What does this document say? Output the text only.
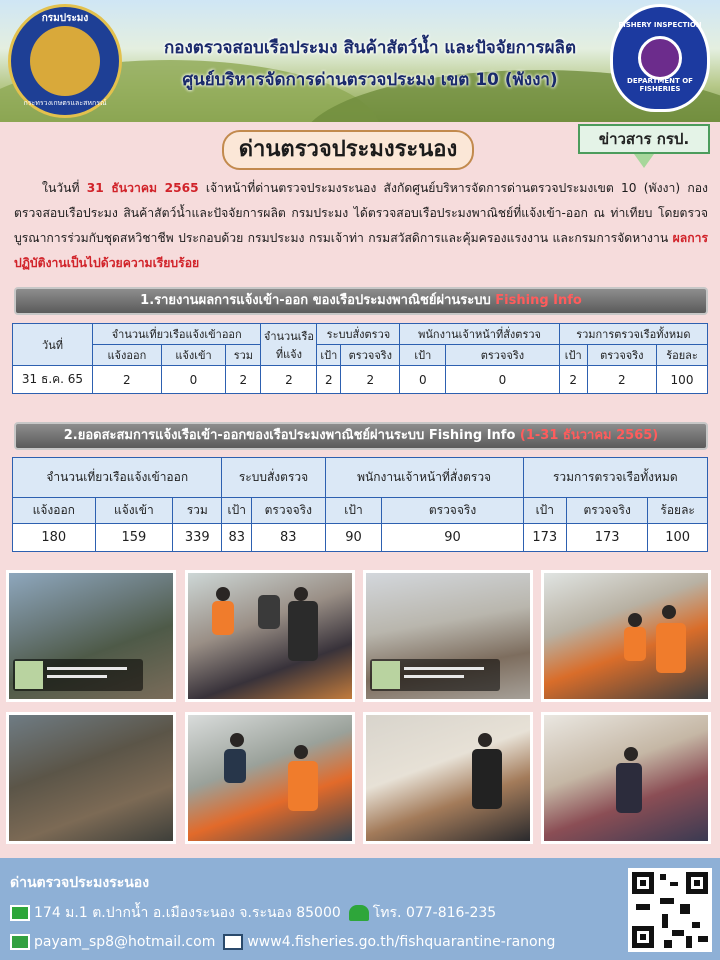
กรมประมง
กระทรวงเกษตรและสหกรณ์
กองตรวจสอบเรือประมง สินค้าสัตว์น้ำ และปัจจัยการผลิต
ศูนย์บริหารจัดการด่านตรวจประมง เขต 10 (พังงา)
FISHERY INSPECTION
DEPARTMENT OF FISHERIES
ด่านตรวจประมงระนอง	ข่าวสาร กรป.
ในวันที่ 31 ธันวาคม 2565 เจ้าหน้าที่ด่านตรวจประมงระนอง สังกัดศูนย์บริหารจัดการด่านตรวจประมงเขต 10 (พังงา) กองตรวจสอบเรือประมง สินค้าสัตว์น้ำและปัจจัยการผลิต กรมประมง ได้ตรวจสอบเรือประมงพาณิชย์ที่แจ้งเข้า-ออก ณ ท่าเทียบ โดยตรวจบูรณาการร่วมกับชุดสหวิชาชีพ ประกอบด้วย กรมประมง กรมเจ้าท่า กรมสวัสดิการและคุ้มครองแรงงาน และกรมการจัดหางาน ผลการปฏิบัติงานเป็นไปด้วยความเรียบร้อย
1.รายงานผลการแจ้งเข้า-ออก ของเรือประมงพาณิชย์ผ่านระบบ Fishing Info
วันที่	จำนวนเที่ยวเรือแจ้งเข้าออก			จำนวนเรือที่แจ้ง	ระบบสั่งตรวจ		พนักงานเจ้าหน้าที่สั่งตรวจ		รวมการตรวจเรือทั้งหมด		
	แจ้งออก	แจ้งเข้า	รวม		เป้า	ตรวจจริง	เป้า	ตรวจจริง	เป้า	ตรวจจริง	ร้อยละ
31 ธ.ค. 65	2	0	2	2	2	2	0	0	2	2	100
2.ยอดสะสมการแจ้งเรือเข้า-ออกของเรือประมงพาณิชย์ผ่านระบบ Fishing Info (1-31 ธันวาคม 2565)
จำนวนเที่ยวเรือแจ้งเข้าออก			ระบบสั่งตรวจ		พนักงานเจ้าหน้าที่สั่งตรวจ		รวมการตรวจเรือทั้งหมด		
แจ้งออก	แจ้งเข้า	รวม	เป้า	ตรวจจริง	เป้า	ตรวจจริง	เป้า	ตรวจจริง	ร้อยละ
180	159	339	83	83	90	90	173	173	100
ด่านตรวจประมงระนอง
174 ม.1 ต.ปากน้ำ อ.เมืองระนอง จ.ระนอง 85000 โทร. 077-816-235
payam_sp8@hotmail.com www4.fisheries.go.th/fishquarantine-ranong
